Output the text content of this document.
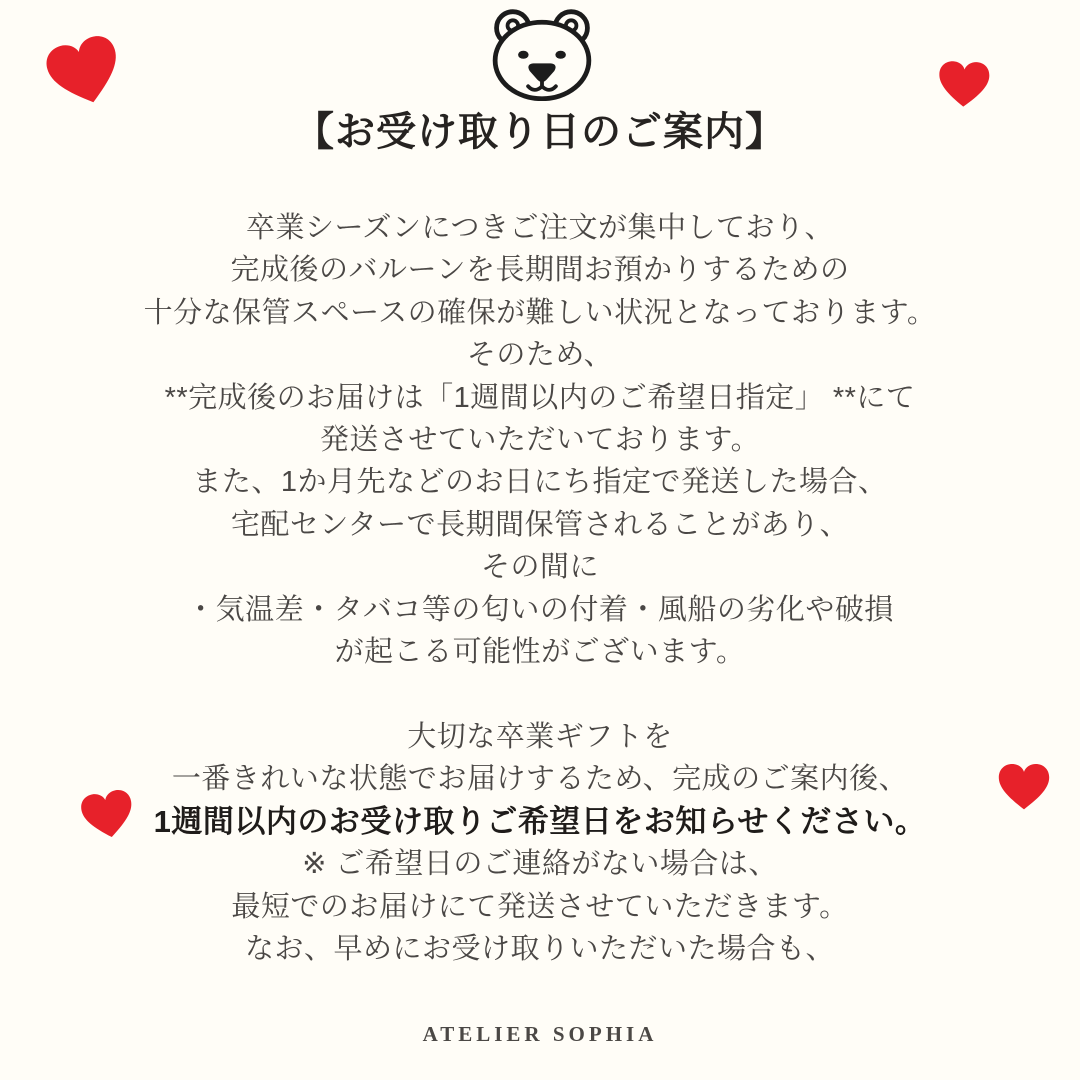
【お受け取り日のご案内】
卒業シーズンにつきご注文が集中しており、
完成後のバルーンを長期間お預かりするための
十分な保管スペースの確保が難しい状況となっております。
そのため、
**完成後のお届けは「1週間以内のご希望日指定」 **にて
発送させていただいております。
また、1か月先などのお日にち指定で発送した場合、
宅配センターで長期間保管されることがあり、
その間に
・気温差・タバコ等の匂いの付着・風船の劣化や破損
が起こる可能性がございます。
大切な卒業ギフトを
一番きれいな状態でお届けするため、完成のご案内後、
1週間以内のお受け取りご希望日をお知らせください。
※ ご希望日のご連絡がない場合は、
最短でのお届けにて発送させていただきます。
なお、早めにお受け取りいただいた場合も、
ATELIER SOPHIA
